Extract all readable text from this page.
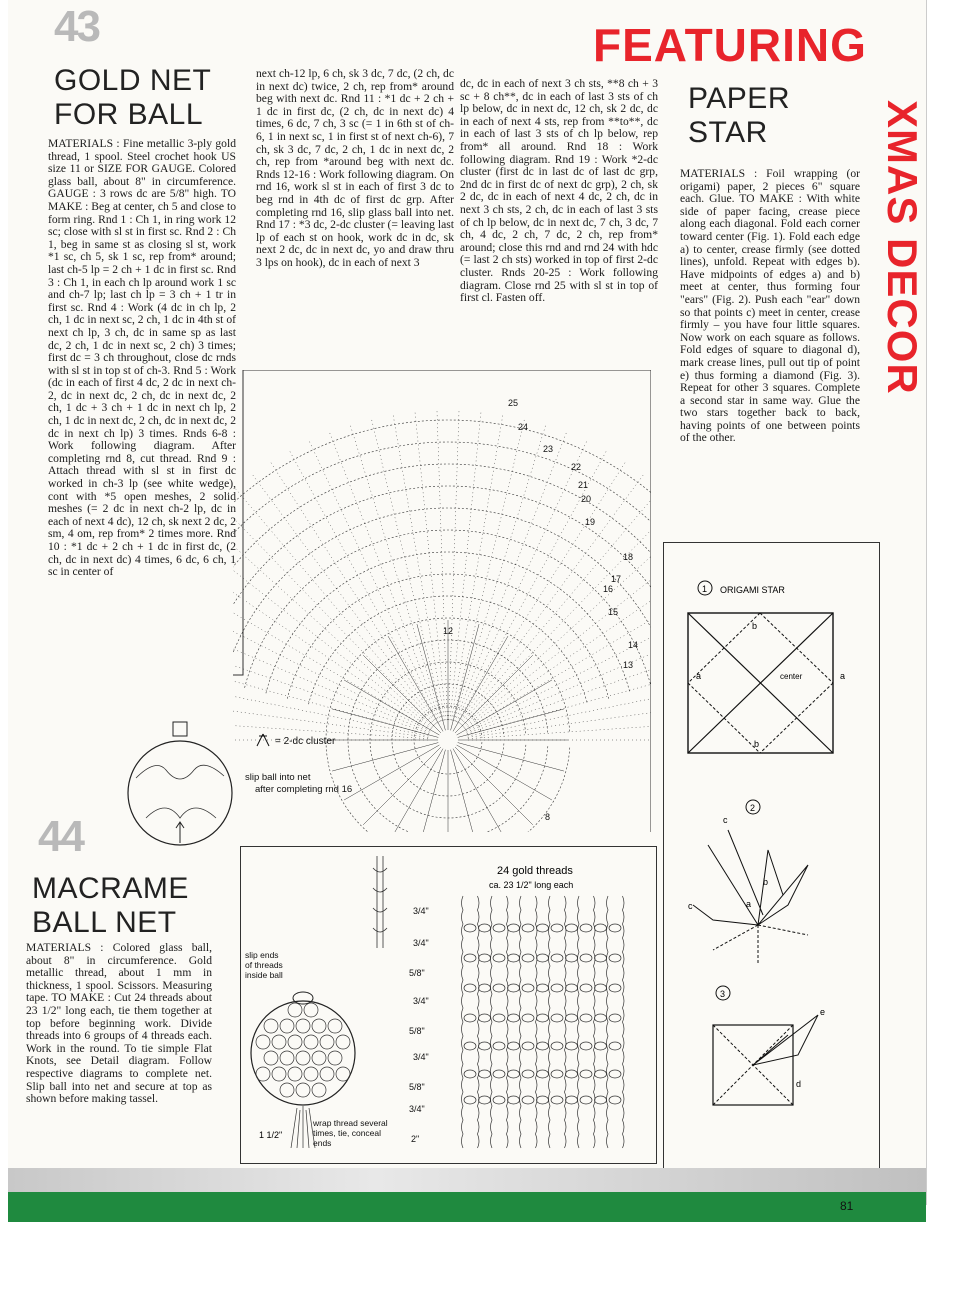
FEATURING
XMAS DECOR
43
GOLD NET
FOR BALL
MATERIALS : Fine metallic 3-ply gold thread, 1 spool. Steel crochet hook US size 11 or SIZE FOR GAUGE. Colored glass ball, about 8" in circumference. GAUGE : 3 rows dc are 5/8" high. TO MAKE : Beg at center, ch 5 and close to form ring. Rnd 1 : Ch 1, in ring work 12 sc; close with sl st in first sc. Rnd 2 : Ch 1, beg in same st as closing sl st, work *1 sc, ch 5, sk 1 sc, rep from* around; last ch-5 lp = 2 ch + 1 dc in first sc. Rnd 3 : Ch 1, in each ch lp around work 1 sc and ch-7 lp; last ch lp = 3 ch + 1 tr in first sc. Rnd 4 : Work (4 dc in ch lp, 2 ch, 1 dc in next sc, 2 ch, 1 dc in 4th st of next ch lp, 3 ch, dc in same sp as last dc, 2 ch, 1 dc in next sc, 2 ch) 3 times; first dc = 3 ch throughout, close dc rnds with sl st in top st of ch-3. Rnd 5 : Work (dc in each of first 4 dc, 2 dc in next ch-2, dc in next dc, 2 ch, dc in next dc, 2 ch, 1 dc + 3 ch + 1 dc in next ch lp, 2 ch, 1 dc in next dc, 2 ch, dc in next dc, 2 dc in next ch lp) 3 times. Rnds 6-8 : Work following diagram. After completing rnd 8, cut thread. Rnd 9 : Attach thread with sl st in first dc worked in ch-3 lp (see white wedge), cont with *5 open meshes, 2 solid meshes (= 2 dc in next ch-2 lp, dc in each of next 4 dc), 12 ch, sk next 2 dc, 2 sm, 4 om, rep from* 2 times more. Rnd 10 : *1 dc + 2 ch + 1 dc in first dc, (2 ch, dc in next dc) 4 times, 6 dc, 6 ch, 1 sc in center of
next ch-12 lp, 6 ch, sk 3 dc, 7 dc, (2 ch, dc in next dc) twice, 2 ch, rep from* around beg with next dc. Rnd 11 : *1 dc + 2 ch + 1 dc in first dc, (2 ch, dc in next dc) 4 times, 6 dc, 7 ch, 3 sc (= 1 in 6th st of ch-6, 1 in next sc, 1 in first st of next ch-6), 7 ch, sk 3 dc, 7 dc, 2 ch, 1 dc in next dc, 2 ch, rep from *around beg with next dc. Rnds 12-16 : Work following diagram. On rnd 16, work sl st in each of first 3 dc to beg rnd in 4th dc of first dc grp. After completing rnd 16, slip glass ball into net. Rnd 17 : *3 dc, 2-dc cluster (= leaving last lp of each st on hook, work dc in dc, sk next 2 dc, dc in next dc, yo and draw thru 3 lps on hook), dc in each of next 3
dc, dc in each of next 3 ch sts, **8 ch + 3 sc + 8 ch**, dc in each of last 3 sts of ch lp below, dc in next dc, 12 ch, sk 2 dc, dc in each of next 4 sts, rep from **to**, dc in each of last 3 sts of ch lp below, rep from* all around. Rnd 18 : Work following diagram. Rnd 19 : Work *2-dc cluster (first dc in last dc of last dc grp, 2nd dc in first dc of next dc grp), 2 ch, sk 2 dc, dc in each of next 4 dc, 2 ch, dc in next 3 ch sts, 2 ch, dc in each of last 3 sts of ch lp below, dc in next dc, 7 ch, 3 dc, 7 ch, 4 dc, 2 ch, 7 dc, 2 ch, rep from* around; close this rnd and rnd 24 with hdc (= last 2 ch sts) worked in top of first 2-dc cluster. Rnds 20-25 : Work following diagram. Close rnd 25 with sl st in top of first cl. Fasten off.
25
24
23
22
21
20
19
18
17
16
15
14
13
12
8
= 2-dc cluster
slip ball into net after completing rnd 16
PAPER
STAR
MATERIALS : Foil wrapping (or origami) paper, 2 pieces 6" square each. Glue. TO MAKE : With white side of paper facing, crease piece along each diagonal. Fold each corner toward center (Fig. 1). Fold each edge a) to center, crease firmly (see dotted lines), unfold. Repeat with edges b). Have midpoints of edges a) and b) meet at center, thus forming four "ears" (Fig. 2). Push each "ear" down so that points c) meet in center, crease firmly – you have four little squares. Now work on each square as follows. Fold edges of square to diagonal d), mark crease lines, pull out tip of point e) thus forming a diamond (Fig. 3). Repeat for other 3 squares. Complete a second star in same way. Glue the two stars together back to back, having points of one between points of the other.
1 ORIGAMI STAR
b
b
a	a
center
2
c
c
b
a
3
e
d
44
MACRAME
BALL NET
MATERIALS : Colored glass ball, about 8" in circumference. Gold metallic thread, about 1 mm in thickness, 1 spool. Scissors. Measuring tape. TO MAKE : Cut 24 threads about 23 1/2" long each, tie them together at top before beginning work. Divide threads into 6 groups of 4 threads each. Work in the round. To tie simple Flat Knots, see Detail diagram. Follow respective diagrams to complete net. Slip ball into net and secure at top as shown before making tassel.
24 gold threads
ca. 23 1/2" long each
3/4"
3/4"
5/8"
3/4"
5/8"
3/4"
5/8"
3/4"
2"
slip ends of threads inside ball
1 1/2"
wrap thread several times, tie, conceal ends
81
